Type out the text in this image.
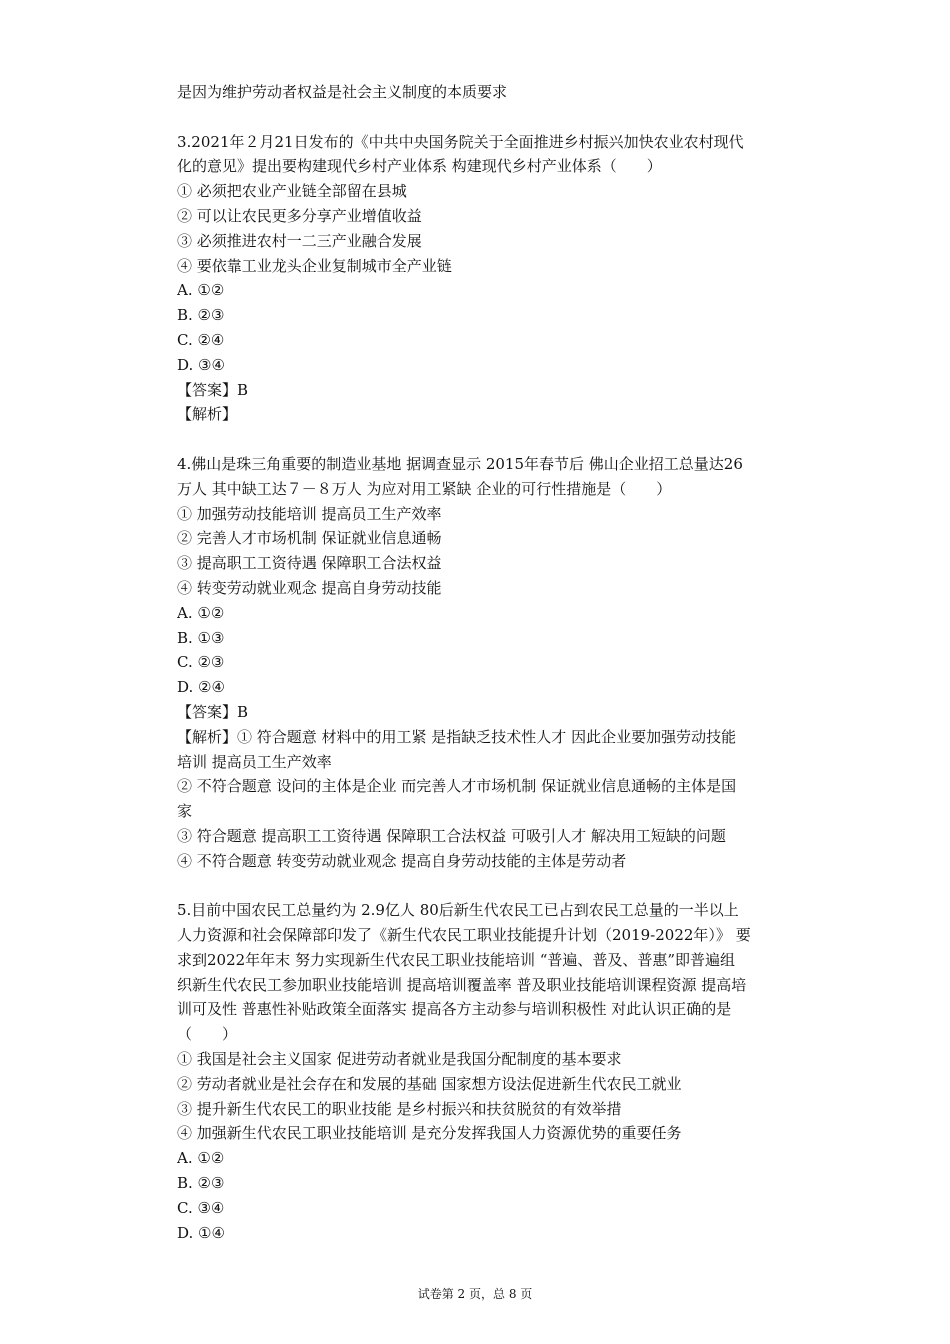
是因为维护劳动者权益是社会主义制度的本质要求
3.2021年２月21日发布的《中共中央国务院关于全面推进乡村振兴加快农业农村现代
化的意见》提出要构建现代乡村产业体系 构建现代乡村产业体系（　　）
① 必须把农业产业链全部留在县城
② 可以让农民更多分享产业增值收益
③ 必须推进农村一二三产业融合发展
④ 要依靠工业龙头企业复制城市全产业链
A. ①②
B. ②③
C. ②④
D. ③④
【答案】B
【解析】
4.佛山是珠三角重要的制造业基地 据调查显示 2015年春节后 佛山企业招工总量达26
万人 其中缺工达７－８万人 为应对用工紧缺 企业的可行性措施是（　　）
① 加强劳动技能培训 提高员工生产效率
② 完善人才市场机制 保证就业信息通畅
③ 提高职工工资待遇 保障职工合法权益
④ 转变劳动就业观念 提高自身劳动技能
A. ①②
B. ①③
C. ②③
D. ②④
【答案】B
【解析】① 符合题意 材料中的用工紧 是指缺乏技术性人才 因此企业要加强劳动技能
培训 提高员工生产效率
② 不符合题意 设问的主体是企业 而完善人才市场机制 保证就业信息通畅的主体是国
家
③ 符合题意 提高职工工资待遇 保障职工合法权益 可吸引人才 解决用工短缺的问题
④ 不符合题意 转变劳动就业观念 提高自身劳动技能的主体是劳动者
5.目前中国农民工总量约为 2.9亿人 80后新生代农民工已占到农民工总量的一半以上
人力资源和社会保障部印发了《新生代农民工职业技能提升计划（2019-2022年）》 要
求到2022年年末 努力实现新生代农民工职业技能培训 “普遍、普及、普惠”即普遍组
织新生代农民工参加职业技能培训 提高培训覆盖率 普及职业技能培训课程资源 提高培
训可及性 普惠性补贴政策全面落实 提高各方主动参与培训积极性 对此认识正确的是
（　　）
① 我国是社会主义国家 促进劳动者就业是我国分配制度的基本要求
② 劳动者就业是社会存在和发展的基础 国家想方设法促进新生代农民工就业
③ 提升新生代农民工的职业技能 是乡村振兴和扶贫脱贫的有效举措
④ 加强新生代农民工职业技能培训 是充分发挥我国人力资源优势的重要任务
A. ①②
B. ②③
C. ③④
D. ①④
试卷第 2 页，总 8 页
